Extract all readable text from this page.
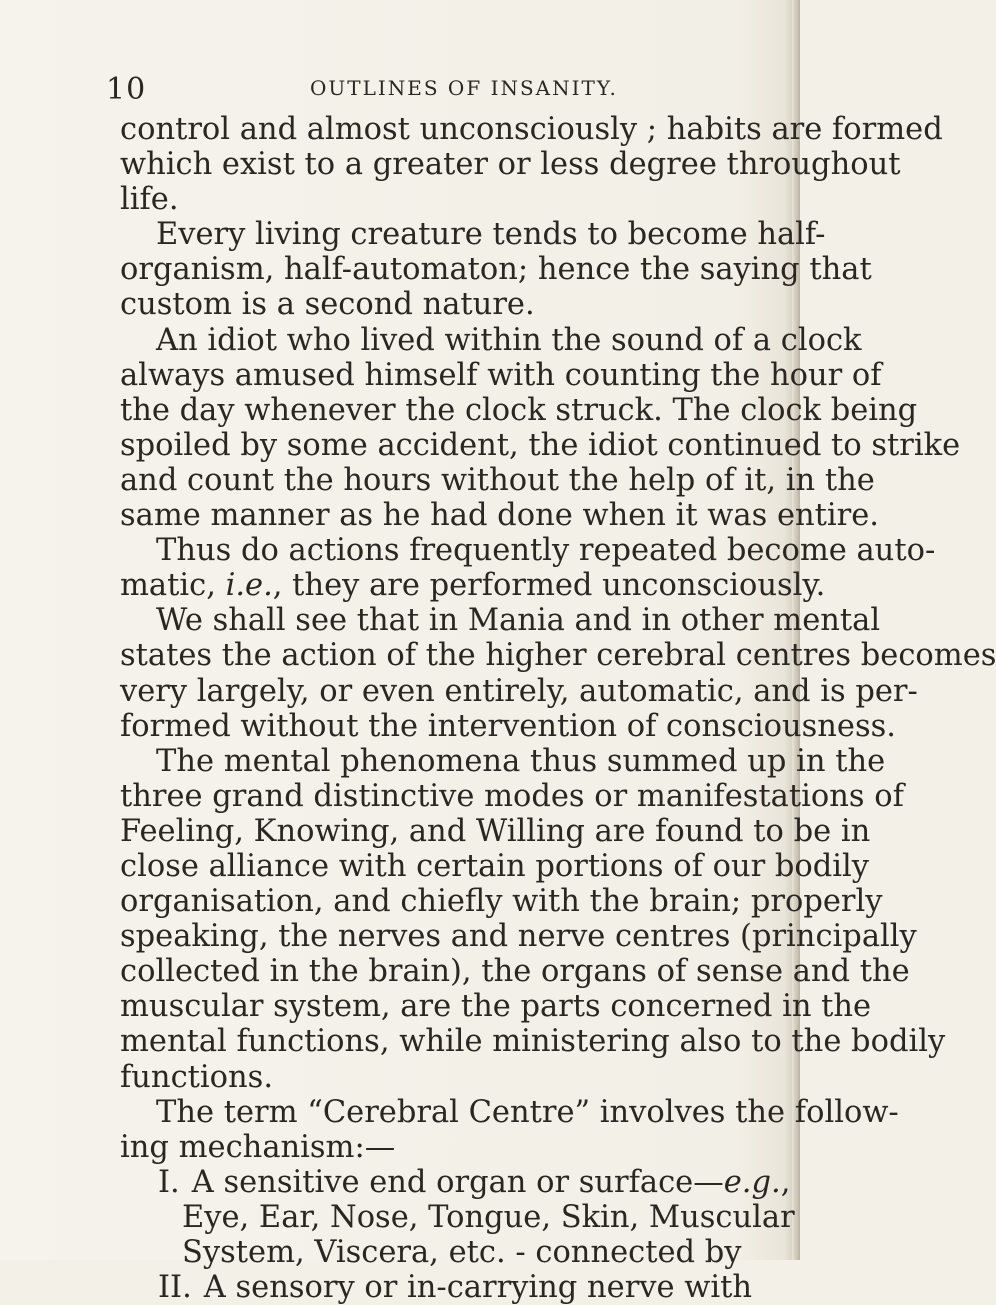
10	OUTLINES OF INSANITY.
control and almost unconsciously ; habits are formed
which exist to a greater or less degree throughout
life.
Every living creature tends to become half-
organism, half-automaton; hence the saying that
custom is a second nature.
An idiot who lived within the sound of a clock
always amused himself with counting the hour of
the day whenever the clock struck. The clock being
spoiled by some accident, the idiot continued to strike
and count the hours without the help of it, in the
same manner as he had done when it was entire.
Thus do actions frequently repeated become auto-
matic, i.e., they are performed unconsciously.
We shall see that in Mania and in other mental
states the action of the higher cerebral centres becomes
very largely, or even entirely, automatic, and is per-
formed without the intervention of consciousness.
The mental phenomena thus summed up in the
three grand distinctive modes or manifestations of
Feeling, Knowing, and Willing are found to be in
close alliance with certain portions of our bodily
organisation, and chiefly with the brain; properly
speaking, the nerves and nerve centres (principally
collected in the brain), the organs of sense and the
muscular system, are the parts concerned in the
mental functions, while ministering also to the bodily
functions.
The term “Cerebral Centre” involves the follow-
ing mechanism:—
I. A sensitive end organ or surface—e.g.,
Eye, Ear, Nose, Tongue, Skin, Muscular
System, Viscera, etc. - connected by
II. A sensory or in-carrying nerve with
